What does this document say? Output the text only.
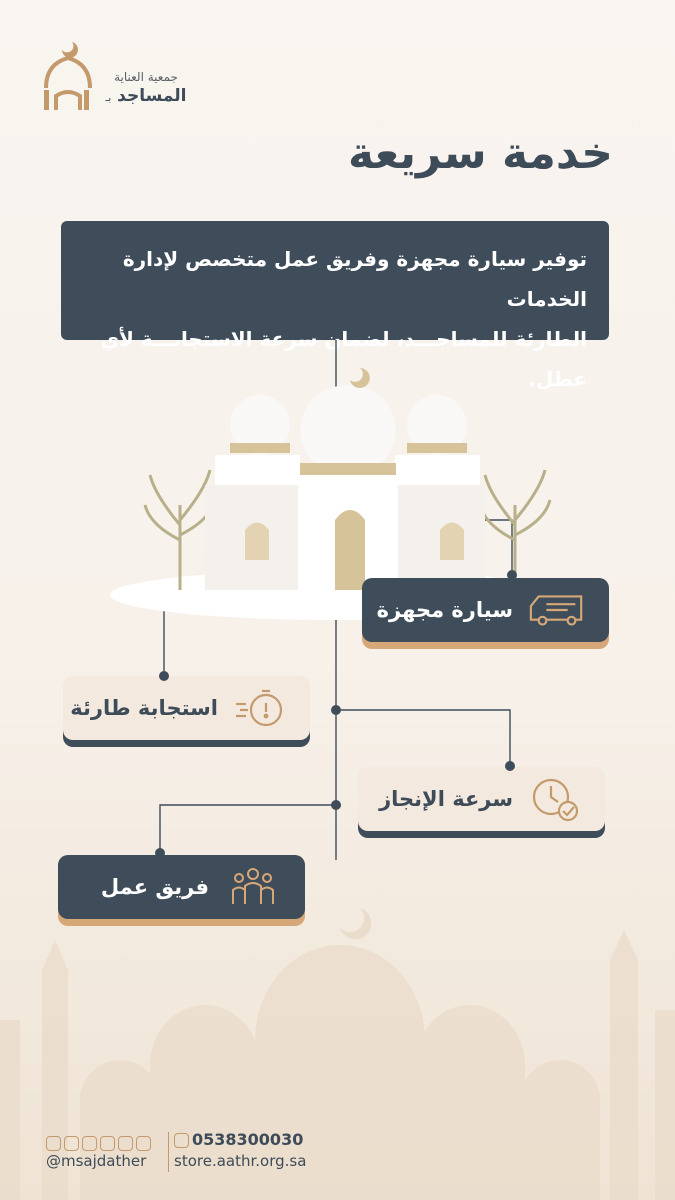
جمعية العناية
المساجد بـ
خدمة سريعة
توفير سيارة مجهزة وفريق عمل متخصص لإدارة الخدمات
الطارئة للمساجـــد، لضمان سرعة الاستجابـــة لأي عطل.
سيارة مجهزة
استجابة طارئة
سرعة الإنجاز
فريق عمل
@msajdather
0538300030
store.aathr.org.sa
